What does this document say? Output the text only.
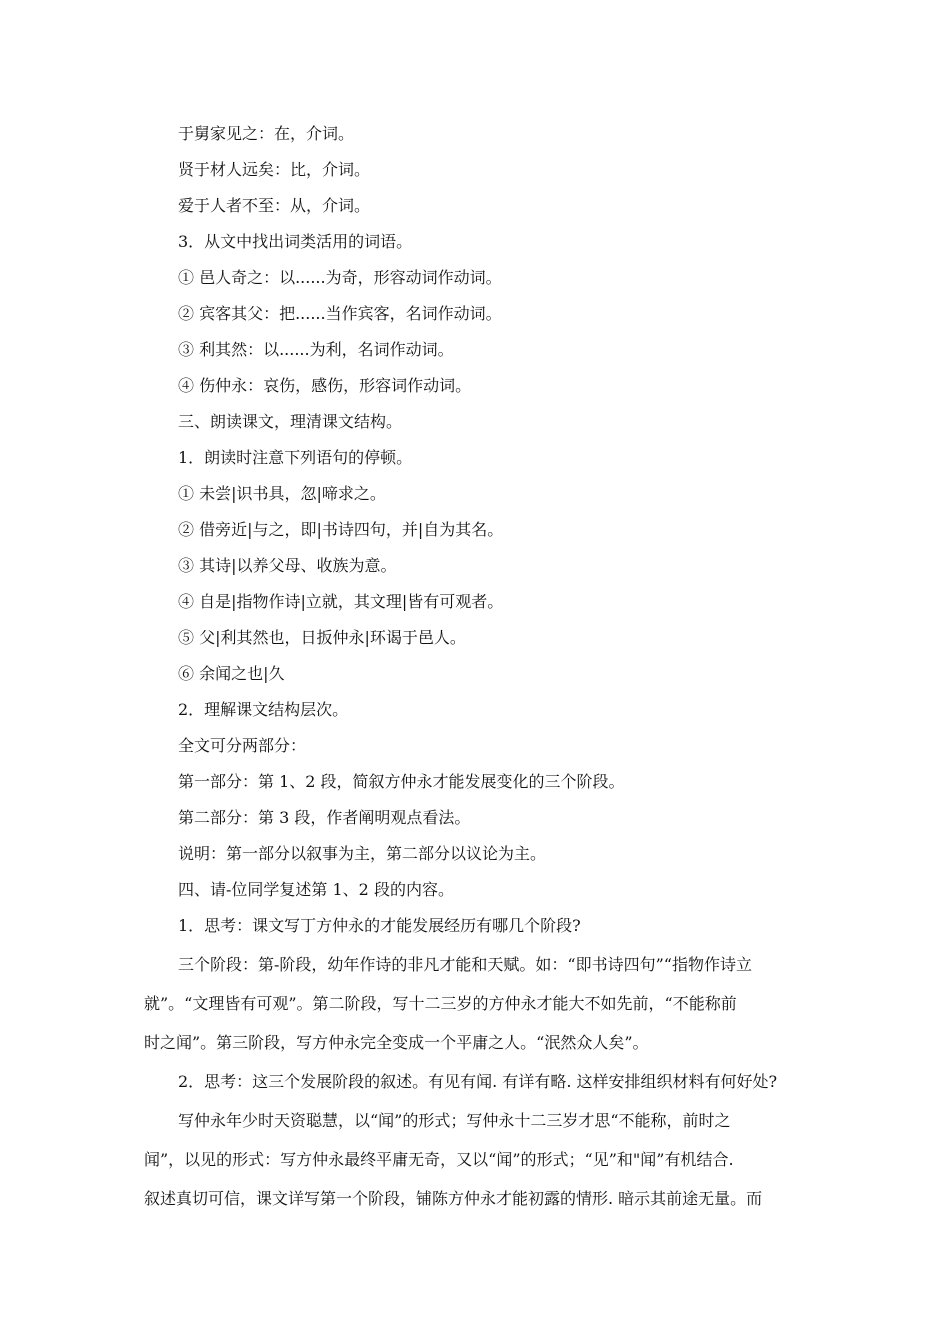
于舅家见之：在，介词。
贤于材人远矣：比，介词。
爱于人者不至：从，介词。
3．从文中找出词类活用的词语。
① 邑人奇之：以......为奇，形容动词作动词。
② 宾客其父：把......当作宾客，名词作动词。
③ 利其然：以......为利，名词作动词。
④ 伤仲永：哀伤，感伤，形容词作动词。
三、朗读课文，理清课文结构。
1．朗读时注意下列语句的停顿。
① 未尝|识书具，忽|啼求之。
② 借旁近|与之，即|书诗四句，并|自为其名。
③ 其诗|以养父母、收族为意。
④ 自是|指物作诗|立就，其文理|皆有可观者。
⑤ 父|利其然也，日扳仲永|环谒于邑人。
⑥ 余闻之也|久
2．理解课文结构层次。
全文可分两部分：
第一部分：第 1、2 段，简叙方仲永才能发展变化的三个阶段。
第二部分：第 3 段，作者阐明观点看法。
说明：第一部分以叙事为主，第二部分以议论为主。
四、请-位同学复述第 1、2 段的内容。
1．思考：课文写丁方仲永的才能发展经历有哪几个阶段?
三个阶段：第-阶段，幼年作诗的非凡才能和天赋。如：“即书诗四句”“指物作诗立
就”。“文理皆有可观”。第二阶段，写十二三岁的方仲永才能大不如先前，“不能称前
时之闻”。第三阶段，写方仲永完全变成一个平庸之人。“泯然众人矣”。
2．思考：这三个发展阶段的叙述。有见有闻. 有详有略. 这样安排组织材料有何好处?
写仲永年少时天资聪慧，以“闻”的形式；写仲永十二三岁才思“不能称，前时之
闻”，以见的形式：写方仲永最终平庸无奇，又以“闻”的形式；“见”和"闻”有机结合.
叙述真切可信，课文详写第一个阶段，铺陈方仲永才能初露的情形. 暗示其前途无量。而
